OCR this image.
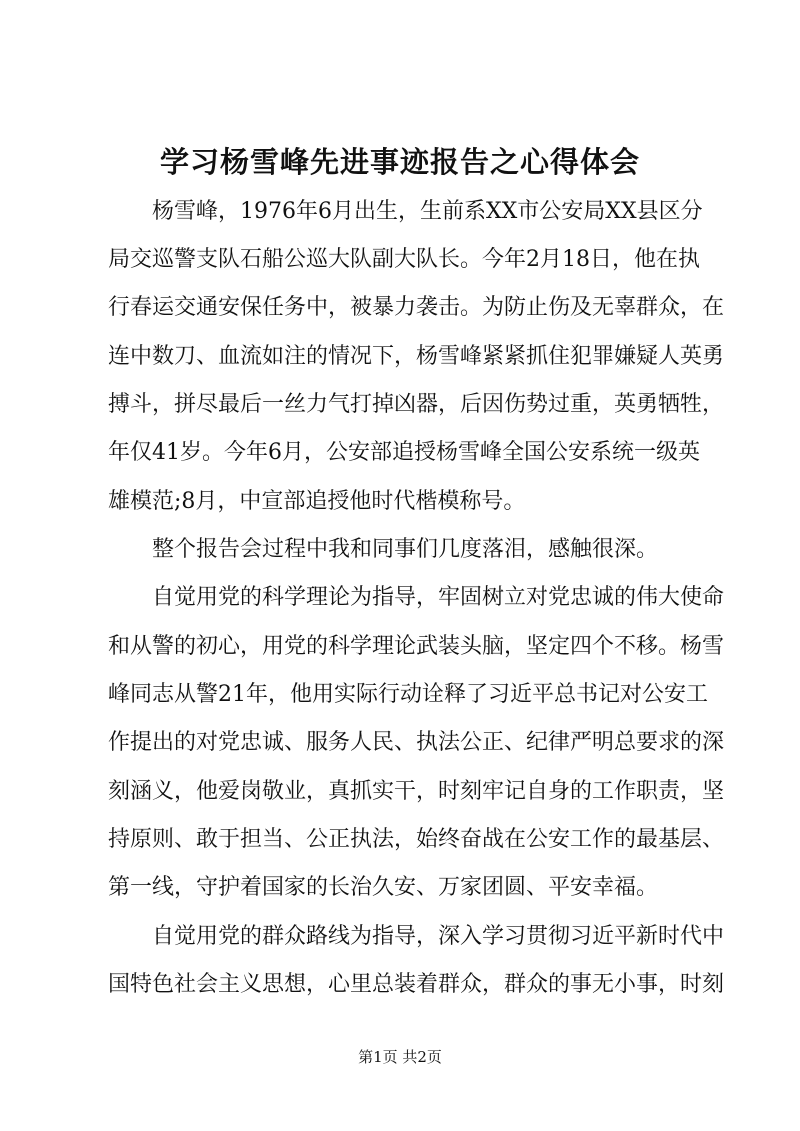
学习杨雪峰先进事迹报告之心得体会
杨雪峰，1976年6月出生，生前系XX市公安局XX县区分
局交巡警支队石船公巡大队副大队长。今年2月18日，他在执
行春运交通安保任务中，被暴力袭击。为防止伤及无辜群众，在
连中数刀、血流如注的情况下，杨雪峰紧紧抓住犯罪嫌疑人英勇
搏斗，拼尽最后一丝力气打掉凶器，后因伤势过重，英勇牺牲，
年仅41岁。今年6月，公安部追授杨雪峰全国公安系统一级英
雄模范;8月，中宣部追授他时代楷模称号。
整个报告会过程中我和同事们几度落泪，感触很深。
自觉用党的科学理论为指导，牢固树立对党忠诚的伟大使命
和从警的初心，用党的科学理论武装头脑，坚定四个不移。杨雪
峰同志从警21年，他用实际行动诠释了习近平总书记对公安工
作提出的对党忠诚、服务人民、执法公正、纪律严明总要求的深
刻涵义，他爱岗敬业，真抓实干，时刻牢记自身的工作职责，坚
持原则、敢于担当、公正执法，始终奋战在公安工作的最基层、
第一线，守护着国家的长治久安、万家团圆、平安幸福。
自觉用党的群众路线为指导，深入学习贯彻习近平新时代中
国特色社会主义思想，心里总装着群众，群众的事无小事，时刻
第1页 共2页
